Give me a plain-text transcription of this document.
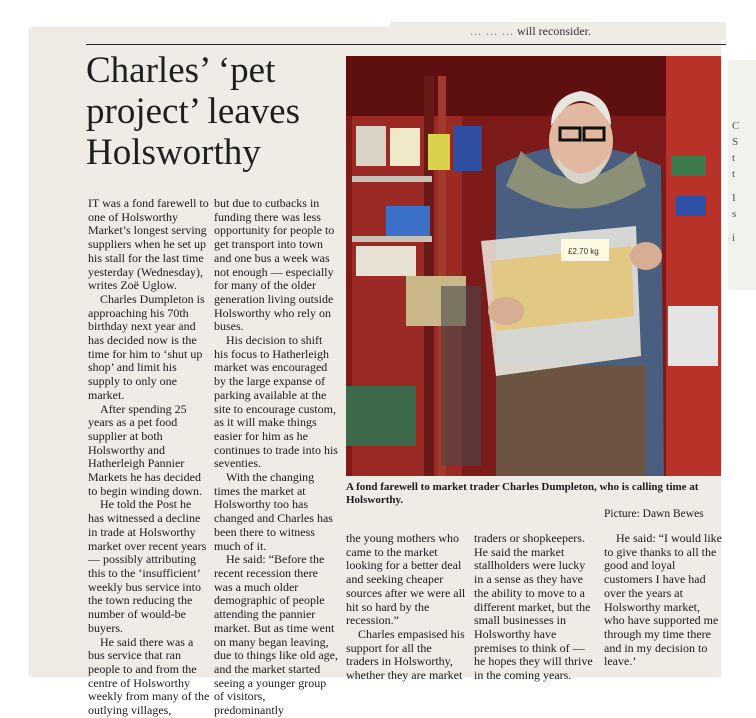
... ... ... will reconsider.
Charles’ ‘pet project’ leaves Holsworthy
£2.70 kg
A fond farewell to market trader Charles Dumpleton, who is calling time at Holsworthy.
Picture: Dawn Bewes

IT was a fond farewell to one of Holsworthy Market’s longest serving suppliers when he set up his stall for the last time yesterday (Wednesday), writes Zoë Uglow.

Charles Dumpleton is approaching his 70th birthday next year and has decided now is the time for him to ‘shut up shop’ and limit his supply to only one market.

After spending 25 years as a pet food supplier at both Holsworthy and Hatherleigh Pannier Markets he has decided to begin winding down.

He told the Post he has witnessed a decline in trade at Holsworthy market over recent years — possibly attributing this to the ‘insufficient’ weekly bus service into the town reducing the number of would-be buyers.

He said there was a bus service that ran people to and from the centre of Holsworthy weekly from many of the outlying villages,

but due to cutbacks in funding there was less opportunity for people to get transport into town and one bus a week was not enough — especially for many of the older generation living outside Holsworthy who rely on buses.

His decision to shift his focus to Hatherleigh market was encouraged by the large expanse of parking available at the site to encourage custom, as it will make things easier for him as he continues to trade into his seventies.

With the changing times the market at Holsworthy too has changed and Charles has been there to witness much of it.

He said: “Before the recent recession there was a much older demographic of people attending the pannier market. But as time went on many began leaving, due to things like old age, and the market started seeing a younger group of visitors, predominantly

the young mothers who came to the market looking for a better deal and seeking cheaper sources after we were all hit so hard by the recession.”

Charles empasised his support for all the traders in Holsworthy, whether they are market

traders or shopkeepers. He said the market stallholders were lucky in a sense as they have the ability to move to a different market, but the small businesses in Holsworthy have premises to think of — he hopes they will thrive in the coming years.

He said: “I would like to give thanks to all the good and loyal customers I have had over the years at Holsworthy market, who have supported me through my time there and in my decision to leave.’

C
S
t
t
I
s
i
